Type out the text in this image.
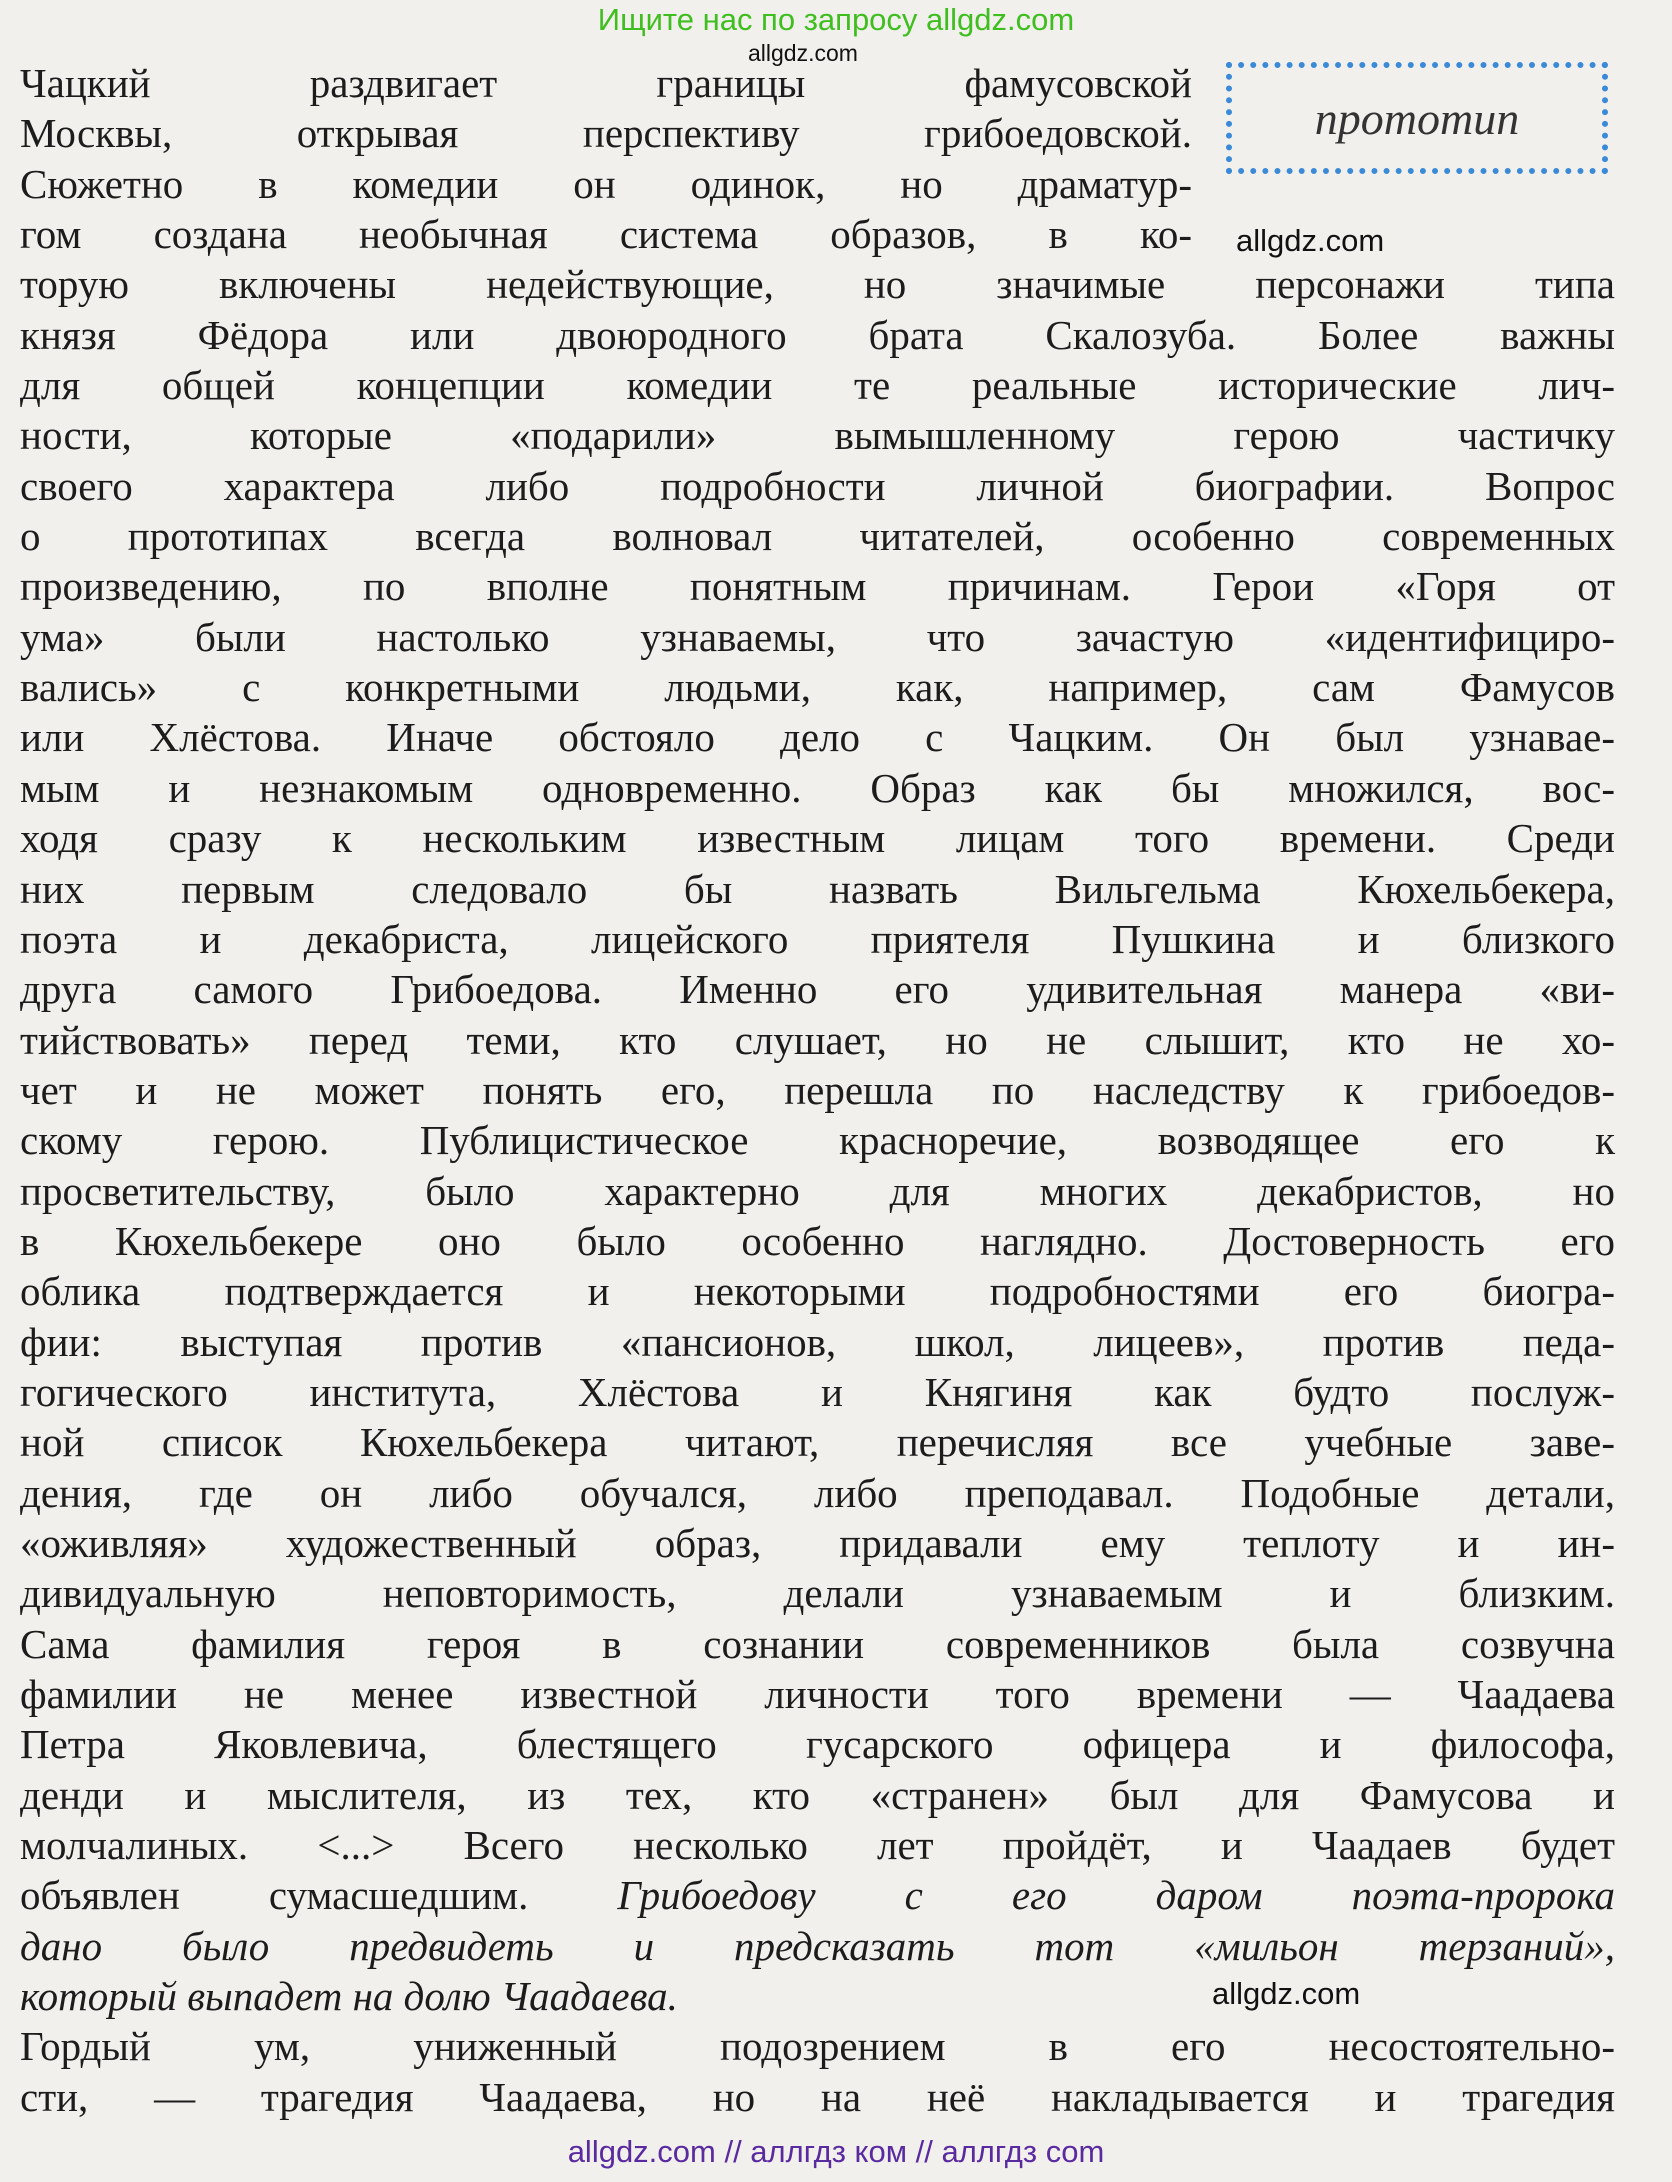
Ищите нас по запросу allgdz.com
allgdz.com
allgdz.com
allgdz.com
allgdz.com // аллгдз ком // аллгдз com
прототип
Чацкий раздвигает границы фамусовской
Москвы, открывая перспективу грибоедовской.
Сюжетно в комедии он одинок, но драматур-
гом создана необычная система образов, в ко-
торую включены недействующие, но значимые персонажи типа
князя Фёдора или двоюродного брата Скалозуба. Более важны
для общей концепции комедии те реальные исторические лич-
ности, которые «подарили» вымышленному герою частичку
своего характера либо подробности личной биографии. Вопрос
о прототипах всегда волновал читателей, особенно современных
произведению, по вполне понятным причинам. Герои «Горя от
ума» были настолько узнаваемы, что зачастую «идентифициро-
вались» с конкретными людьми, как, например, сам Фамусов
или Хлёстова. Иначе обстояло дело с Чацким. Он был узнавае-
мым и незнакомым одновременно. Образ как бы множился, вос-
ходя сразу к нескольким известным лицам того времени. Среди
них первым следовало бы назвать Вильгельма Кюхельбекера,
поэта и декабриста, лицейского приятеля Пушкина и близкого
друга самого Грибоедова. Именно его удивительная манера «ви-
тийствовать» перед теми, кто слушает, но не слышит, кто не хо-
чет и не может понять его, перешла по наследству к грибоедов-
скому герою. Публицистическое красноречие, возводящее его к
просветительству, было характерно для многих декабристов, но
в Кюхельбекере оно было особенно наглядно. Достоверность его
облика подтверждается и некоторыми подробностями его биогра-
фии: выступая против «пансионов, школ, лицеев», против педа-
гогического института, Хлёстова и Княгиня как будто послуж-
ной список Кюхельбекера читают, перечисляя все учебные заве-
дения, где он либо обучался, либо преподавал. Подобные детали,
«оживляя» художественный образ, придавали ему теплоту и ин-
дивидуальную неповторимость, делали узнаваемым и близким.
Сама фамилия героя в сознании современников была созвучна
фамилии не менее известной личности того времени — Чаадаева
Петра Яковлевича, блестящего гусарского офицера и философа,
денди и мыслителя, из тех, кто «странен» был для Фамусова и
молчалиных. <...> Всего несколько лет пройдёт, и Чаадаев будет
объявлен сумасшедшим. Грибоедову с его даром поэта-пророка
дано было предвидеть и предсказать тот «мильон терзаний»,
который выпадет на долю Чаадаева.
Гордый ум, униженный подозрением в его несостоятельно-
сти, — трагедия Чаадаева, но на неё накладывается и трагедия
